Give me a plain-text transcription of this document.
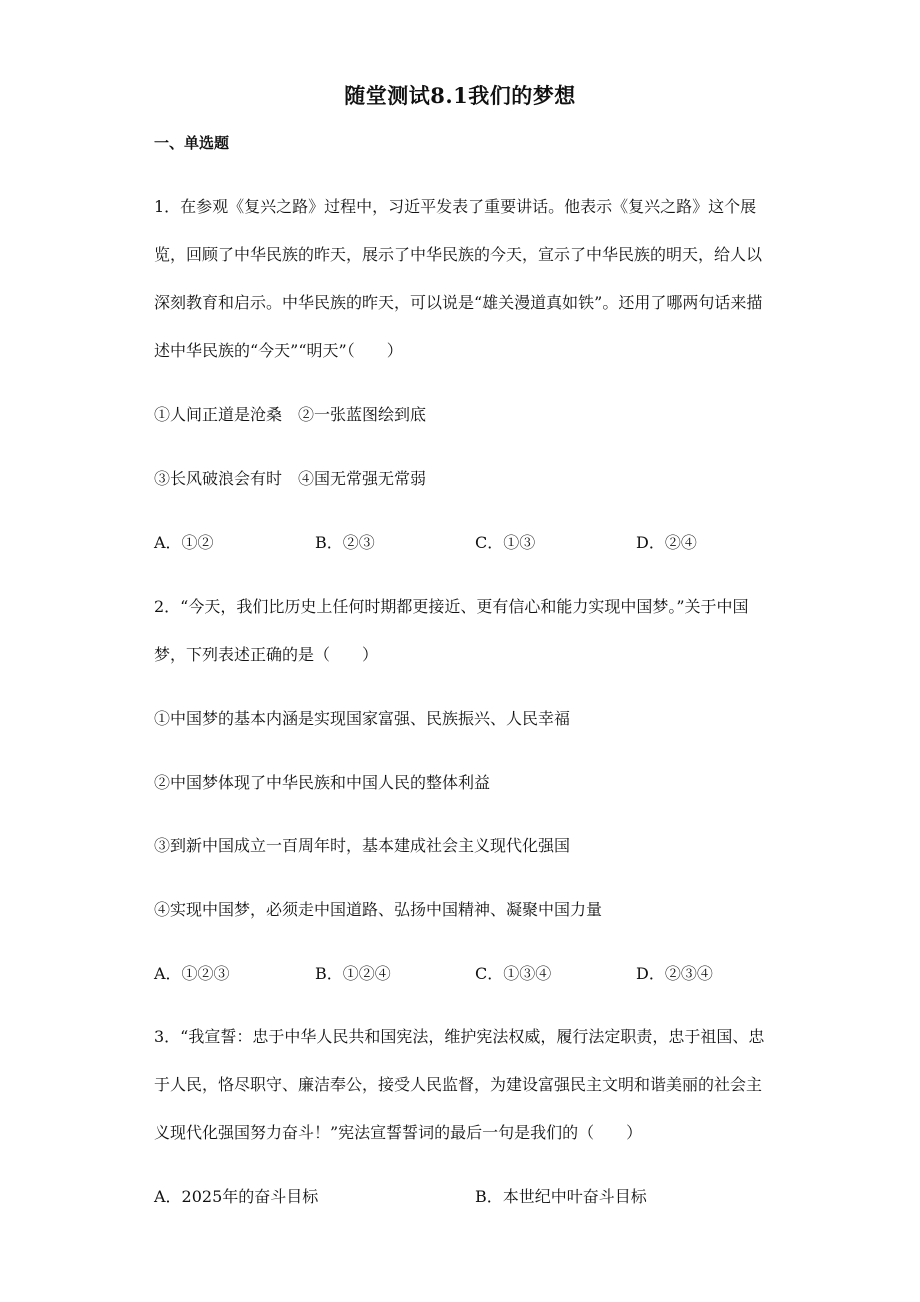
随堂测试8.1我们的梦想
一、单选题
1．在参观《复兴之路》过程中，习近平发表了重要讲话。他表示《复兴之路》这个展
览，回顾了中华民族的昨天，展示了中华民族的今天，宣示了中华民族的明天，给人以
深刻教育和启示。中华民族的昨天，可以说是“雄关漫道真如铁”。还用了哪两句话来描
述中华民族的“今天”“明天”（　　）
①人间正道是沧桑　②一张蓝图绘到底
③长风破浪会有时　④国无常强无常弱
A．①②	B．②③	C．①③	D．②④
2．“今天，我们比历史上任何时期都更接近、更有信心和能力实现中国梦。”关于中国
梦，下列表述正确的是（　　）
①中国梦的基本内涵是实现国家富强、民族振兴、人民幸福
②中国梦体现了中华民族和中国人民的整体利益
③到新中国成立一百周年时，基本建成社会主义现代化强国
④实现中国梦，必须走中国道路、弘扬中国精神、凝聚中国力量
A．①②③	B．①②④	C．①③④	D．②③④
3．“我宣誓：忠于中华人民共和国宪法，维护宪法权威，履行法定职责，忠于祖国、忠
于人民，恪尽职守、廉洁奉公，接受人民监督，为建设富强民主文明和谐美丽的社会主
义现代化强国努力奋斗！”宪法宣誓誓词的最后一句是我们的（　　）
A．2025年的奋斗目标	B．本世纪中叶奋斗目标
